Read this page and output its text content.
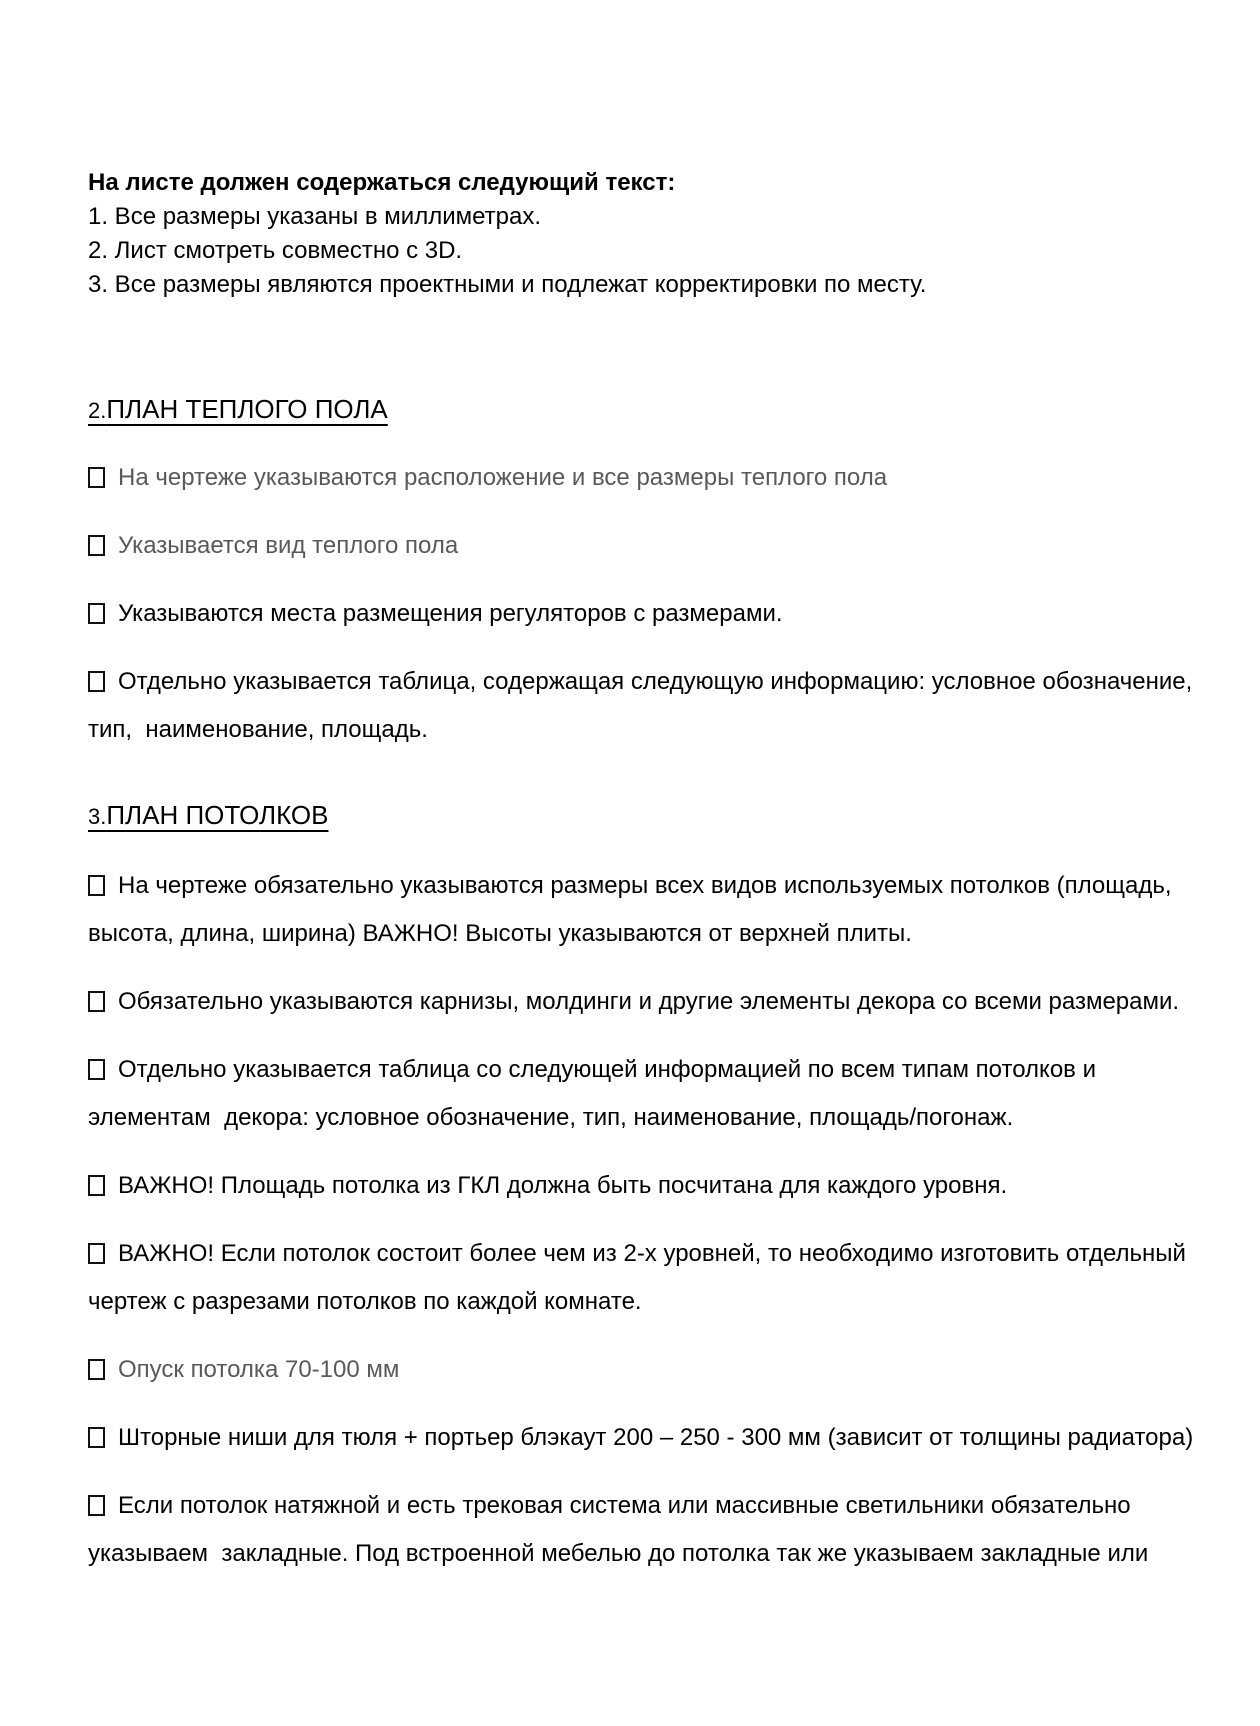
На листе должен содержаться следующий текст:

1. Все размеры указаны в миллиметрах.

2. Лист смотреть совместно с 3D.

3. Все размеры являются проектными и подлежат корректировки по месту.

2.ПЛАН ТЕПЛОГО ПОЛА
На чертеже указываются расположение и все размеры теплого пола
Указывается вид теплого пола
Указываются места размещения регуляторов с размерами.
Отдельно указывается таблица, содержащая следующую информацию: условное обозначение, тип,  наименование, площадь.
3.ПЛАН ПОТОЛКОВ
На чертеже обязательно указываются размеры всех видов используемых потолков (площадь,  высота, длина, ширина) ВАЖНО! Высоты указываются от верхней плиты.
Обязательно указываются карнизы, молдинги и другие элементы декора со всеми размерами.
Отдельно указывается таблица со следующей информацией по всем типам потолков и элементам  декора: условное обозначение, тип, наименование, площадь/погонаж.
ВАЖНО! Площадь потолка из ГКЛ должна быть посчитана для каждого уровня.
ВАЖНО! Если потолок состоит более чем из 2-х уровней, то необходимо изготовить отдельный  чертеж с разрезами потолков по каждой комнате.
Опуск потолка 70-100 мм
Шторные ниши для тюля + портьер блэкаут 200 – 250 - 300 мм (зависит от толщины радиатора)
Если потолок натяжной и есть трековая система или массивные светильники обязательно указываем  закладные. Под встроенной мебелью до потолка так же указываем закладные или
